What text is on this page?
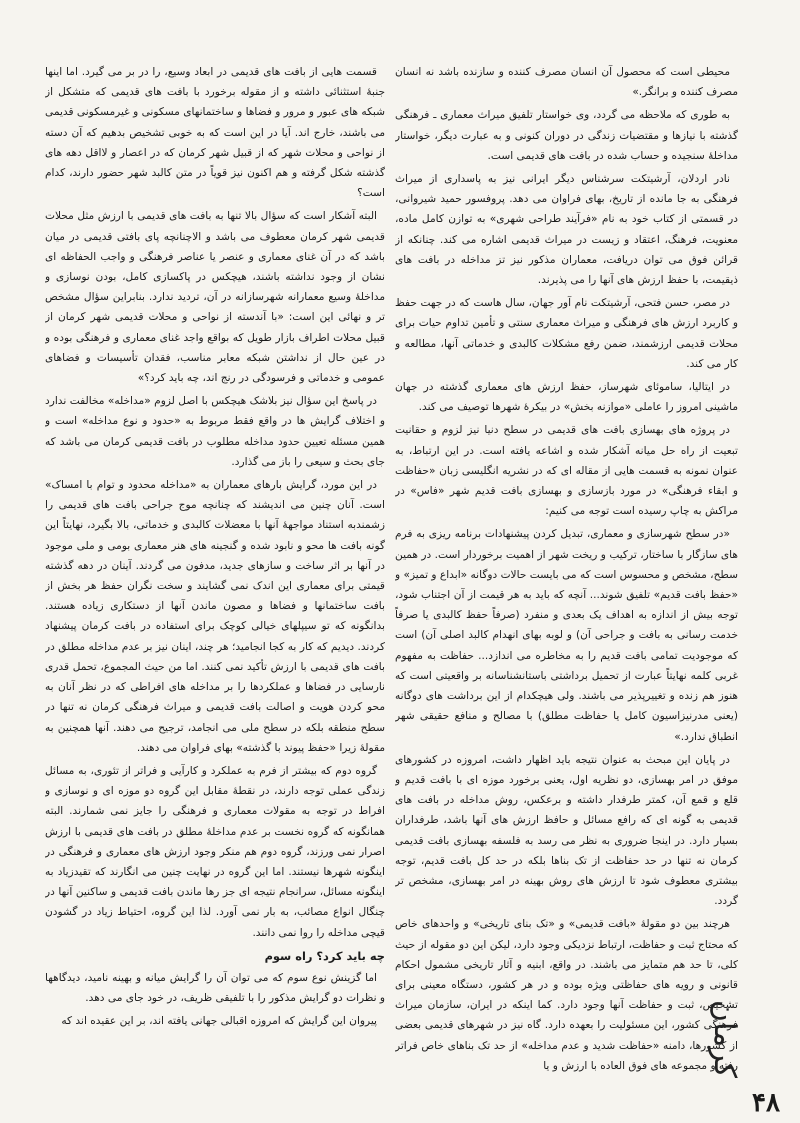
محیطی است که محصول آن انسان مصرف کننده و سازنده باشد نه انسان مصرف کننده و برانگر.»

به طوری که ملاحظه می گردد، وی خواستار تلفیق میراث معماری ـ فرهنگی گذشته با نیازها و مقتضیات زندگی در دوران کنونی و به عبارت دیگر، خواستار مداخلهٔ سنجیده و حساب شده در بافت های قدیمی است.

نادر اردلان، آرشیتکت سرشناس دیگر ایرانی نیز به پاسداری از میراث فرهنگی به جا مانده از تاریخ، بهای فراوان می دهد. پروفسور حمید شیروانی، در قسمتی از کتاب خود به نام «فرآیند طراحی شهری» به توازن کامل ماده، معنویت، فرهنگ، اعتقاد و زیست در میراث قدیمی اشاره می کند. چنانکه از قرائن فوق می توان دریافت، معماران مذکور نیز تز مداخله در بافت های ذیقیمت، با حفظ ارزش های آنها را می پذیرند.

در مصر، حسن فتحی، آرشیتکت نام آور جهان، سال هاست که در جهت حفظ و کاربرد ارزش های فرهنگی و میراث معماری سنتی و تأمین تداوم حیات برای محلات قدیمی ارزشمند، ضمن رفع مشکلات کالبدی و خدماتی آنها، مطالعه و کار می کند.

در ایتالیا، ساموئای شهرساز، حفظ ارزش های معماری گذشته در جهان ماشینی امروز را عاملی «موازنه بخش» در بیکرهٔ شهرها توصیف می کند.

در پروژه های بهسازی بافت های قدیمی در سطح دنیا نیز لزوم و حقانیت تبعیت از راه حل میانه آشکار شده و اشاعه یافته است. در این ارتباط، به عنوان نمونه به قسمت هایی از مقاله ای که در نشریه انگلیسی زبان «حفاظت و ابقاء فرهنگی» در مورد بازسازی و بهسازی بافت قدیم شهر «فاس» در مراکش به چاپ رسیده است توجه می کنیم:

«در سطح شهرسازی و معماری، تبدیل کردن پیشنهادات برنامه ریزی به فرم های سازگار با ساختار، ترکیب و ریخت شهر از اهمیت برخوردار است. در همین سطح، مشخص و محسوس است که می بایست حالات دوگانه «ابداع و تمیز» و «حفظ بافت قدیم» تلفیق شوند... آنچه که باید به هر قیمت از آن اجتناب شود، توجه بیش از اندازه به اهداف یک بعدی و منفرد (صرفاً حفظ کالبدی یا صرفاً خدمت رسانی به بافت و جراحی آن) و لوبه بهای انهدام کالبد اصلی آن) است که موجودیت تمامی بافت قدیم را به مخاطره می اندازد... حفاظت به مفهوم غربی کلمه نهایتاً عبارت از تحمیل برداشتی باستانشناسانه بر واقعیتی است که هنوز هم زنده و تغییرپذیر می باشند. ولی هیچکدام از این برداشت های دوگانه (یعنی مدرنیزاسیون کامل یا حفاظت مطلق) با مصالح و منافع حقیقی شهر انطباق ندارد.»

در پایان این مبحث به عنوان نتیجه باید اظهار داشت، امروزه در کشورهای موفق در امر بهسازی، دو نظریه اول، یعنی برخورد موزه ای با بافت قدیم و قلع و قمع آن، کمتر طرفدار داشته و برعکس، روش مداخله در بافت های قدیمی به گونه ای که رافع مسائل و حافظ ارزش های آنها باشد، طرفداران بسیار دارد. در اینجا ضروری به نظر می رسد به فلسفه بهسازی بافت قدیمی کرمان نه تنها در حد حفاظت از تک بناها بلکه در حد کل بافت قدیم، توجه بیشتری معطوف شود تا ارزش های روش بهینه در امر بهسازی، مشخص تر گردد.

هرچند بین دو مقولهٔ «بافت قدیمی» و «تک بنای تاریخی» و واحدهای خاص که محتاج ثبت و حفاظت، ارتباط نزدیکی وجود دارد، لیکن این دو مقوله از حیث کلی، تا حد هم متمایز می باشند. در واقع، ابنیه و آثار تاریخی مشمول احکام قانونی و رویه های حفاظتی ویژه بوده و در هر کشور، دستگاه معینی برای تشخیص، ثبت و حفاظت آنها وجود دارد. کما اینکه در ایران، سازمان میراث فرهنگی کشور، این مسئولیت را بعهده دارد. گاه نیز در شهرهای قدیمی بعضی از کشورها، دامنه «حفاظت شدید و عدم مداخله» از حد تک بناهای خاص فراتر رفته و مجموعه های فوق العاده با ارزش و یا

قسمت هایی از بافت های قدیمی در ابعاد وسیع، را در بر می گیرد. اما اینها جنبهٔ استثنائی داشته و از مقوله برخورد با بافت های قدیمی که متشکل از شبکه های عبور و مرور و فضاها و ساختمانهای مسکونی و غیرمسکونی قدیمی می باشند، خارج اند. آیا در این است که به خوبی تشخیص بدهیم که آن دسته از نواحی و محلات شهر که از قبیل شهر کرمان که در اعصار و لااقل دهه های گذشته شکل گرفته و هم اکنون نیز قویاً در متن کالبد شهر حضور دارند، کدام است؟

البته آشکار است که سؤال بالا تنها به بافت های قدیمی با ارزش مثل محلات قدیمی شهر کرمان معطوف می باشد و الاچنانچه پای بافتی قدیمی در میان باشد که در آن غنای معماری و عنصر یا عناصر فرهنگی و واجب الحفاظه ای نشان از وجود نداشته باشند، هیچکس در پاکسازی کامل، بودن نوسازی و مداخلهٔ وسیع معمارانه شهرسازانه در آن، تردید ندارد. بنابراین سؤال مشخص تر و نهائی این است: «با آندسته از نواحی و محلات قدیمی شهر کرمان از قبیل محلات اطراف بازار طویل که بواقع واجد غنای معماری و فرهنگی بوده و در عین حال از نداشتن شبکه معابر مناسب، فقدان تأسیسات و فضاهای عمومی و خدماتی و فرسودگی در رنج اند، چه باید کرد؟»

در پاسخ این سؤال نیز بلاشک هیچکس با اصل لزوم «مداخله» مخالفت ندارد و اختلاف گرایش ها در واقع فقط مربوط به «حدود و نوع مداخله» است و همین مسئله تعیین حدود مداخله مطلوب در بافت قدیمی کرمان می باشد که جای بحث و سیعی را باز می گذارد.

در این مورد، گرایش بارهای معماران به «مداخله محدود و توام با امساک» است. آنان چنین می اندیشند که چنانچه موج جراحی بافت های قدیمی را زشمندبه استناد مواجههٔ آنها با معضلات کالبدی و خدماتی، بالا بگیرد، نهایتاً این گونه بافت ها محو و نابود شده و گنجینه های هنر معماری بومی و ملی موجود در آنها بر اثر ساخت و سازهای جدید، مدفون می گردند. آینان در دهه گذشته قیمتی برای معماری این اندک نمی گشایند و سخت نگران حفظ هر بخش از بافت ساختمانها و فضاها و مصون ماندن آنها از دستکاری زیاده هستند. بدانگونه که تو سیپلهای خیالی کوچک برای استفاده در بافت کرمان پیشنهاد کردند. دیدیم که کار به کجا انجامید؛ هر چند، اینان نیز بر عدم مداخله مطلق در بافت های قدیمی با ارزش تأکید نمی کنند. اما من حیث المجموع، تحمل قدری نارسایی در فضاها و عملکردها را بر مداخله های افراطی که در نظر آنان به محو کردن هویت و اصالت بافت قدیمی و میراث فرهنگی کرمان نه تنها در سطح منطقه بلکه در سطح ملی می انجامد، ترجیح می دهند. آنها همچنین به مقولهٔ زیرا «حفظ پیوند با گذشته» بهای فراوان می دهند.

گروه دوم که بیشتر از فرم به عملکرد و کارآیی و فراتر از تئوری، به مسائل زندگی عملی توجه دارند، در نقطهٔ مقابل این گروه دو موزه ای و نوسازی و افراط در توجه به مقولات معماری و فرهنگی را جایز نمی شمارند. البته همانگونه که گروه نخست بر عدم مداخلهٔ مطلق در بافت های قدیمی با ارزش اصرار نمی ورزند، گروه دوم هم منکر وجود ارزش های معماری و فرهنگی در اینگونه شهرها نیستند. اما این گروه در نهایت چنین می انگارند که تقیدزیاد به اینگونه مسائل، سرانجام نتیجه ای جز رها ماندن بافت قدیمی و ساکنین آنها در چنگال انواع مصائب، به بار نمی آورد. لذا این گروه، احتیاط زیاد در گشودن قیچی مداخله را روا نمی دانند.

چه باید کرد؟ راه سوم

اما گزینش نوع سوم که می توان آن را گرایش میانه و بهینه نامید، دیدگاهها و نظرات دو گرایش مذکور را با تلفیقی ظریف، در خود جای می دهد.

پیروان این گرایش که امروزه اقبالی جهانی یافته اند، بر این عقیده اند که	کرمان
۴۸
